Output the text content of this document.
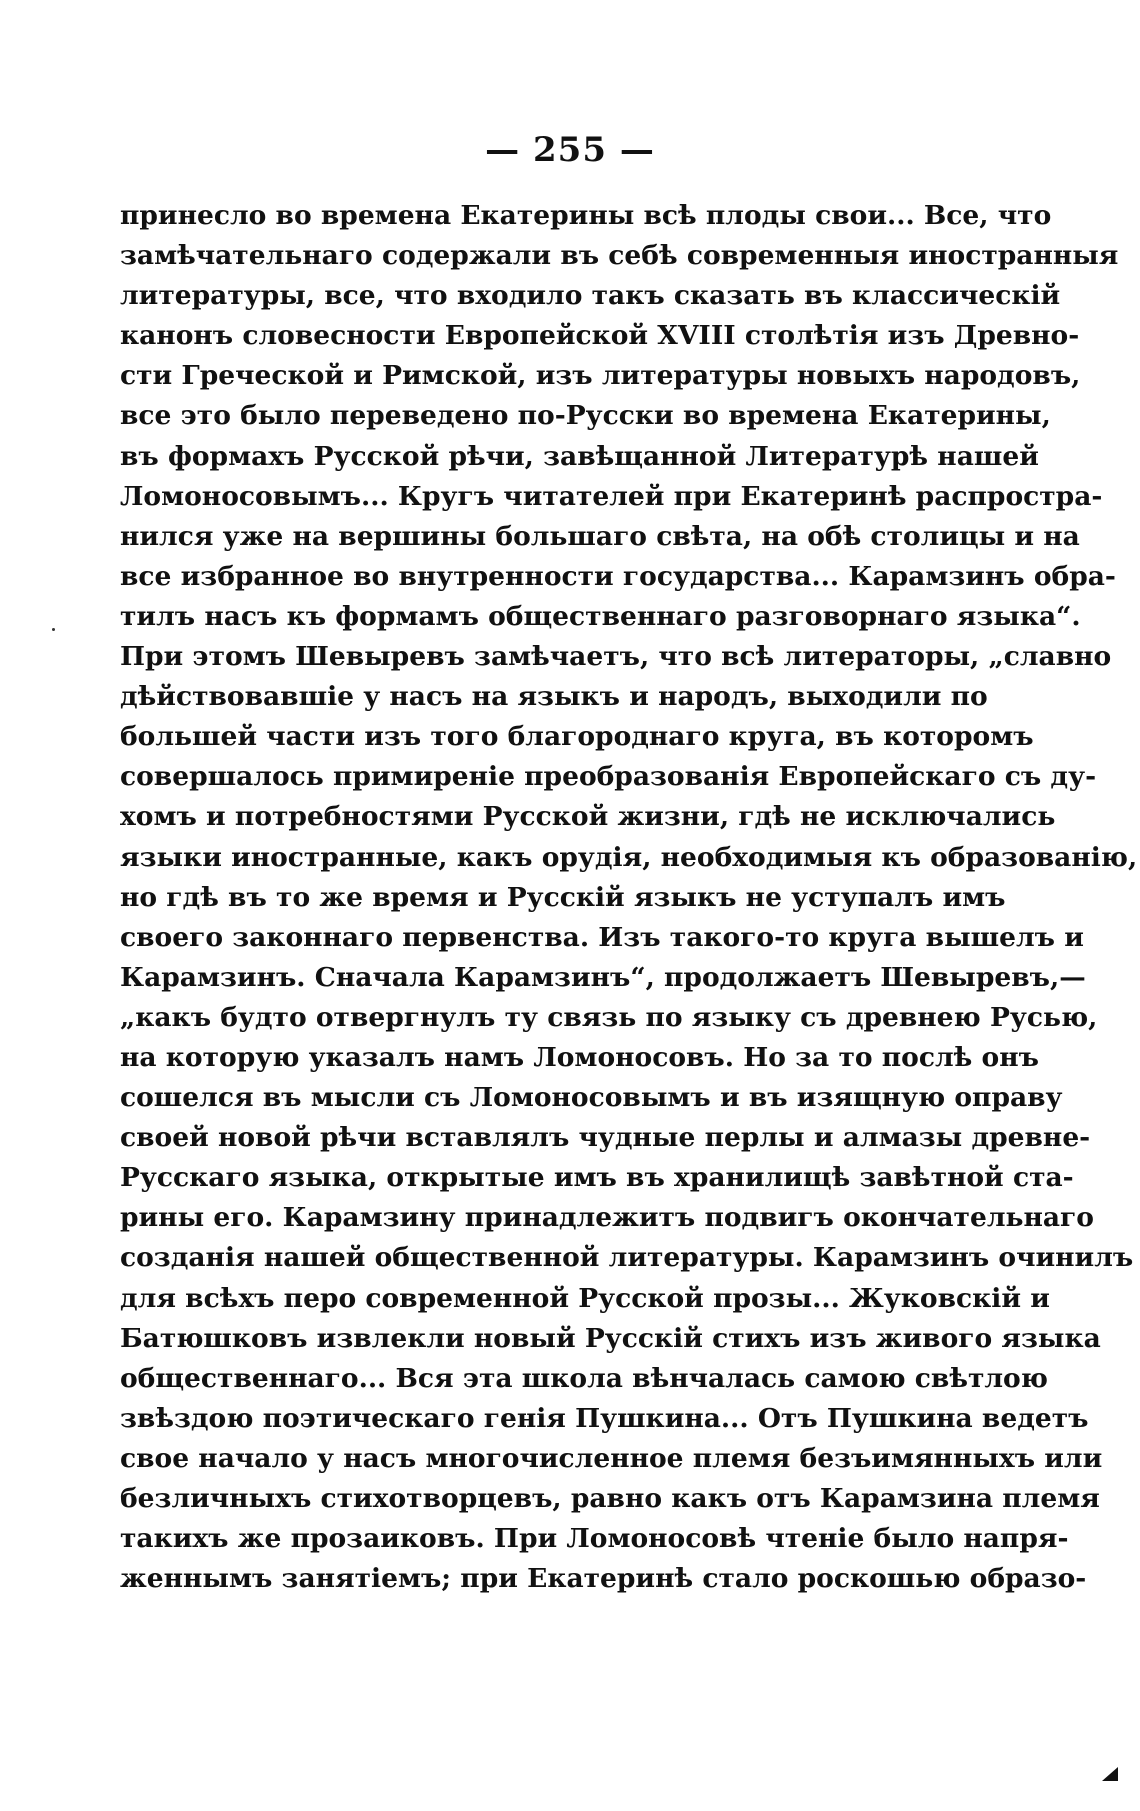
— 255 —
принесло во времена Екатерины всѣ плоды свои... Все, что
замѣчательнаго содержали въ себѣ современныя иностранныя
литературы, все, что входило такъ сказать въ классическій
канонъ словесности Европейской XVIII столѣтія изъ Древно-
сти Греческой и Римской, изъ литературы новыхъ народовъ,
все это было переведено по-Русски во времена Екатерины,
въ формахъ Русской рѣчи, завѣщанной Литературѣ нашей
Ломоносовымъ... Кругъ читателей при Екатеринѣ распростра-
нился уже на вершины большаго свѣта, на обѣ столицы и на
все избранное во внутренности государства... Карамзинъ обра-
тилъ насъ къ формамъ общественнаго разговорнаго языка“.
При этомъ Шевыревъ замѣчаетъ, что всѣ литераторы, „славно
дѣйствовавшіе у насъ на языкъ и народъ, выходили по
большей части изъ того благороднаго круга, въ которомъ
совершалось примиреніе преобразованія Европейскаго съ ду-
хомъ и потребностями Русской жизни, гдѣ не исключались
языки иностранные, какъ орудія, необходимыя къ образованію,
но гдѣ въ то же время и Русскій языкъ не уступалъ имъ
своего законнаго первенства. Изъ такого-то круга вышелъ и
Карамзинъ. Сначала Карамзинъ“, продолжаетъ Шевыревъ,—
„какъ будто отвергнулъ ту связь по языку съ древнею Русью,
на которую указалъ намъ Ломоносовъ. Но за то послѣ онъ
сошелся въ мысли съ Ломоносовымъ и въ изящную оправу
своей новой рѣчи вставлялъ чудные перлы и алмазы древне-
Русскаго языка, открытые имъ въ хранилищѣ завѣтной ста-
рины его. Карамзину принадлежитъ подвигъ окончательнаго
созданія нашей общественной литературы. Карамзинъ очинилъ
для всѣхъ перо современной Русской прозы... Жуковскій и
Батюшковъ извлекли новый Русскій стихъ изъ живого языка
общественнаго... Вся эта школа вѣнчалась самою свѣтлою
звѣздою поэтическаго генія Пушкина... Отъ Пушкина ведетъ
свое начало у насъ многочисленное племя безъимянныхъ или
безличныхъ стихотворцевъ, равно какъ отъ Карамзина племя
такихъ же прозаиковъ. При Ломоносовѣ чтеніе было напря-
женнымъ занятіемъ; при Екатеринѣ стало роскошью образо-
